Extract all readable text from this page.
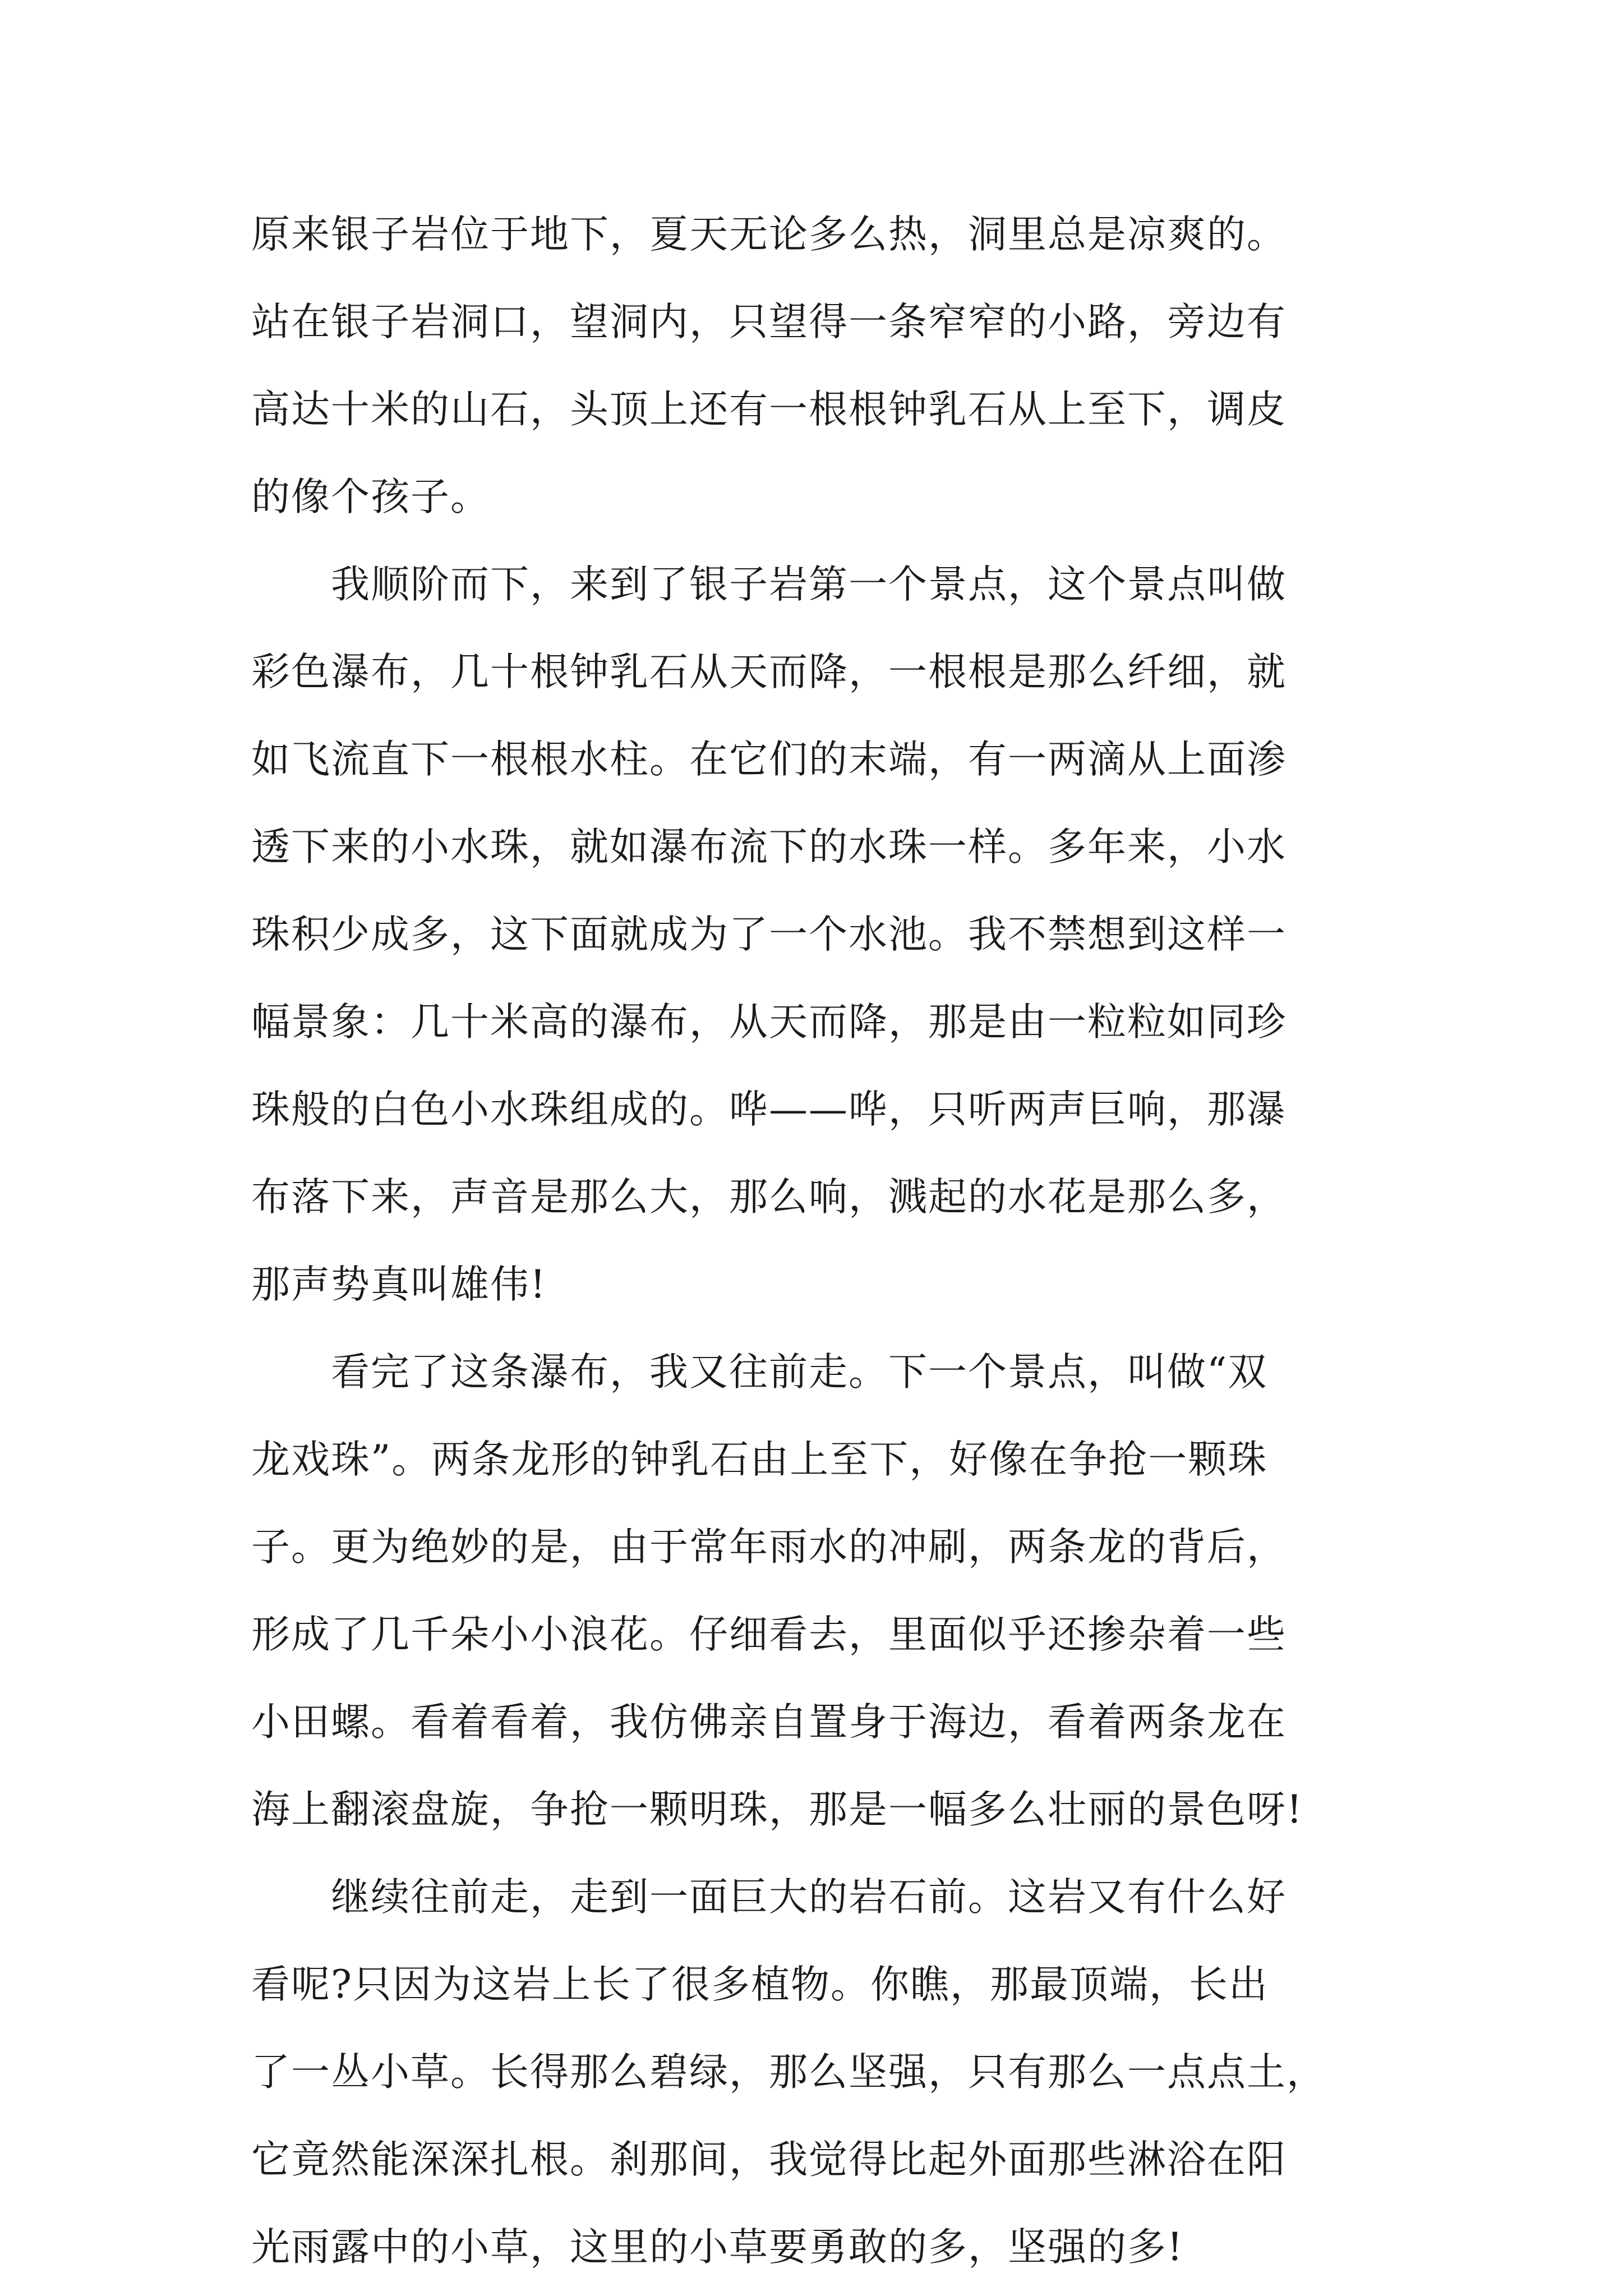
原来银子岩位于地下，夏天无论多么热，洞里总是凉爽的。
站在银子岩洞口，望洞内，只望得一条窄窄的小路，旁边有
高达十米的山石，头顶上还有一根根钟乳石从上至下，调皮
的像个孩子。
　　我顺阶而下，来到了银子岩第一个景点，这个景点叫做
彩色瀑布，几十根钟乳石从天而降，一根根是那么纤细，就
如飞流直下一根根水柱。在它们的末端，有一两滴从上面渗
透下来的小水珠，就如瀑布流下的水珠一样。多年来，小水
珠积少成多，这下面就成为了一个水池。我不禁想到这样一
幅景象：几十米高的瀑布，从天而降，那是由一粒粒如同珍
珠般的白色小水珠组成的。哗——哗，只听两声巨响，那瀑
布落下来，声音是那么大，那么响，溅起的水花是那么多，
那声势真叫雄伟!
　　看完了这条瀑布，我又往前走。下一个景点，叫做“双
龙戏珠”。两条龙形的钟乳石由上至下，好像在争抢一颗珠
子。更为绝妙的是，由于常年雨水的冲刷，两条龙的背后，
形成了几千朵小小浪花。仔细看去，里面似乎还掺杂着一些
小田螺。看着看着，我仿佛亲自置身于海边，看着两条龙在
海上翻滚盘旋，争抢一颗明珠，那是一幅多么壮丽的景色呀!
　　继续往前走，走到一面巨大的岩石前。这岩又有什么好
看呢?只因为这岩上长了很多植物。你瞧，那最顶端，长出
了一丛小草。长得那么碧绿，那么坚强，只有那么一点点土，
它竟然能深深扎根。刹那间，我觉得比起外面那些淋浴在阳
光雨露中的小草，这里的小草要勇敢的多，坚强的多!
